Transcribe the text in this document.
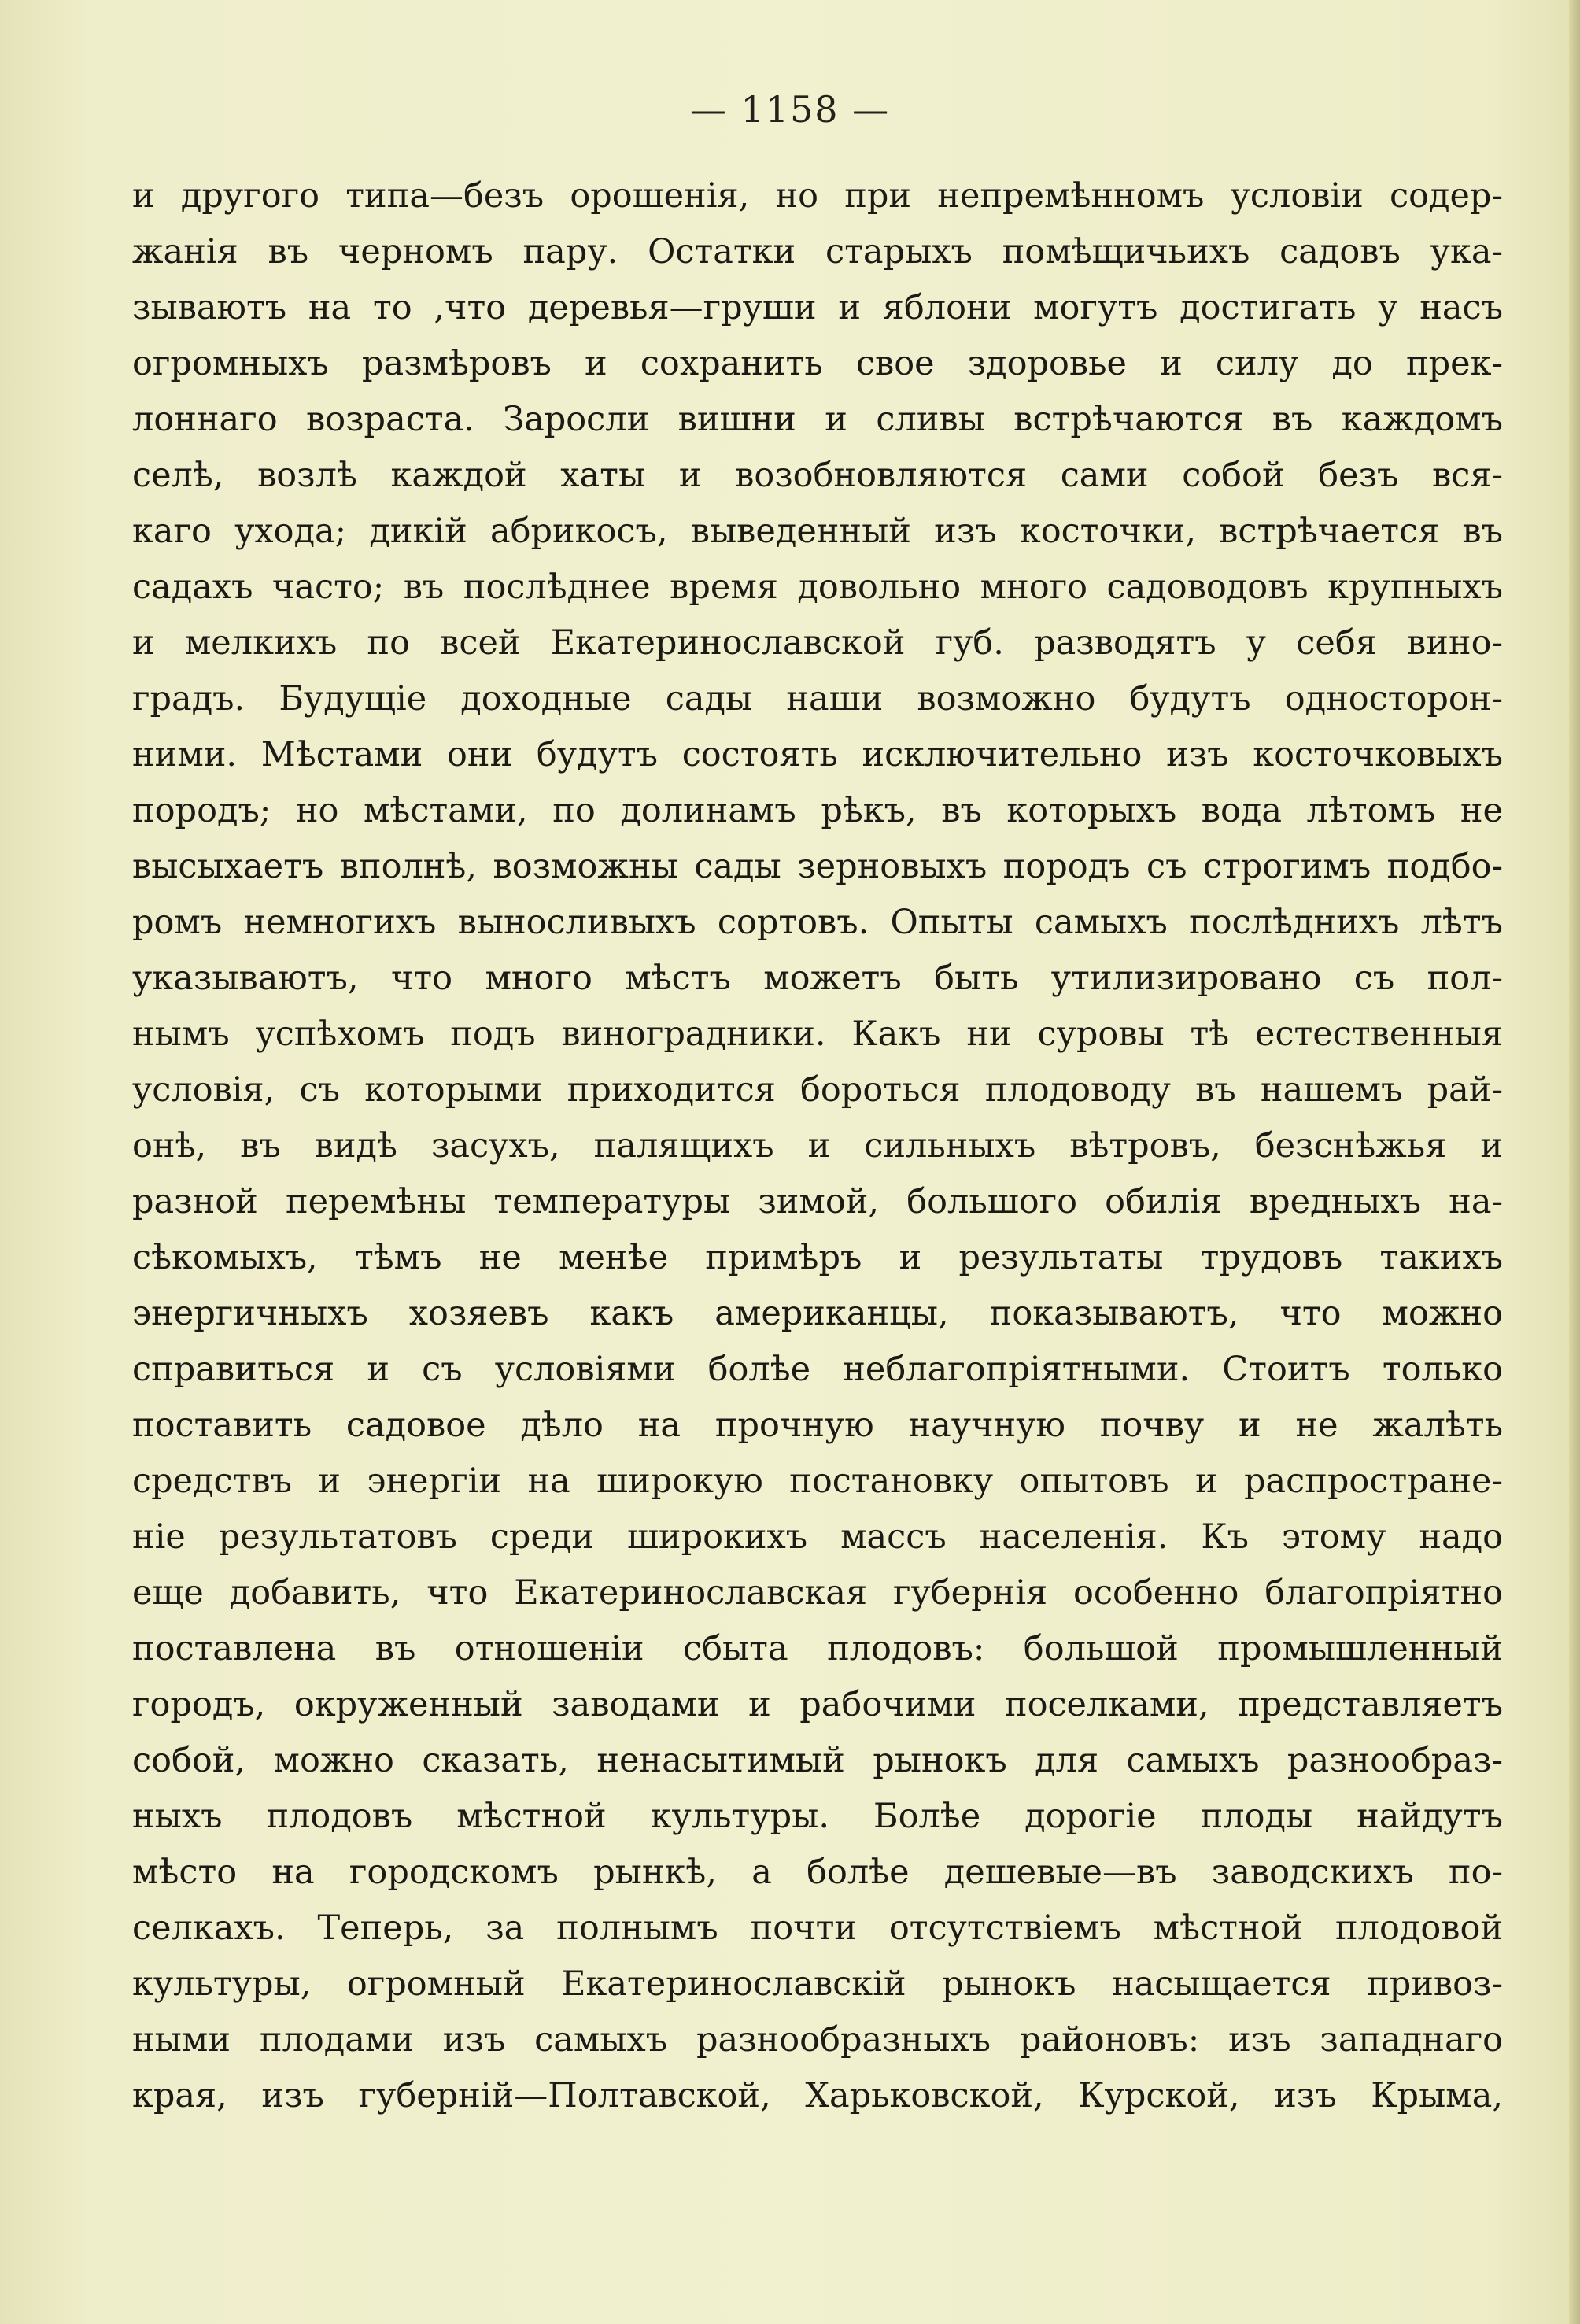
— 1158 —
и другого типа—безъ орошенія, но при непремѣнномъ условіи содер-
жанія въ черномъ пару. Остатки старыхъ помѣщичьихъ садовъ ука-
зываютъ на то ,что деревья—груши и яблони могутъ достигать у насъ
огромныхъ размѣровъ и сохранить свое здоровье и силу до прек-
лоннаго возраста. Заросли вишни и сливы встрѣчаются въ каждомъ
селѣ, возлѣ каждой хаты и возобновляются сами собой безъ вся-
каго ухода; дикій абрикосъ, выведенный изъ косточки, встрѣчается въ
садахъ часто; въ послѣднее время довольно много садоводовъ крупныхъ
и мелкихъ по всей Екатеринославской губ. разводятъ у себя вино-
градъ. Будущіе доходные сады наши возможно будутъ односторон-
ними. Мѣстами они будутъ состоять исключительно изъ косточковыхъ
породъ; но мѣстами, по долинамъ рѣкъ, въ которыхъ вода лѣтомъ не
высыхаетъ вполнѣ, возможны сады зерновыхъ породъ съ строгимъ подбо-
ромъ немногихъ выносливыхъ сортовъ. Опыты самыхъ послѣднихъ лѣтъ
указываютъ, что много мѣстъ можетъ быть утилизировано съ пол-
нымъ успѣхомъ подъ виноградники. Какъ ни суровы тѣ естественныя
условія, съ которыми приходится бороться плодоводу въ нашемъ рай-
онѣ, въ видѣ засухъ, палящихъ и сильныхъ вѣтровъ, безснѣжья и
разной перемѣны температуры зимой, большого обилія вредныхъ на-
сѣкомыхъ, тѣмъ не менѣе примѣръ и результаты трудовъ такихъ
энергичныхъ хозяевъ какъ американцы, показываютъ, что можно
справиться и съ условіями болѣе неблагопріятными. Стоитъ только
поставить садовое дѣло на прочную научную почву и не жалѣть
средствъ и энергіи на широкую постановку опытовъ и распростране-
ніе результатовъ среди широкихъ массъ населенія. Къ этому надо
еще добавить, что Екатеринославская губернія особенно благопріятно
поставлена въ отношеніи сбыта плодовъ: большой промышленный
городъ, окруженный заводами и рабочими поселками, представляетъ
собой, можно сказать, ненасытимый рынокъ для самыхъ разнообраз-
ныхъ плодовъ мѣстной культуры. Болѣе дорогіе плоды найдутъ
мѣсто на городскомъ рынкѣ, а болѣе дешевые—въ заводскихъ по-
селкахъ. Теперь, за полнымъ почти отсутствіемъ мѣстной плодовой
культуры, огромный Екатеринославскій рынокъ насыщается привоз-
ными плодами изъ самыхъ разнообразныхъ районовъ: изъ западнаго
края, изъ губерній—Полтавской, Харьковской, Курской, изъ Крыма,
